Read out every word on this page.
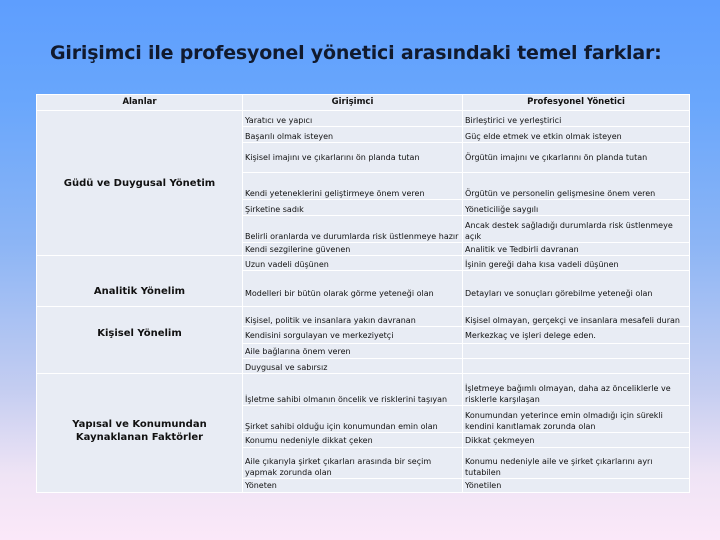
Girişimci ile profesyonel yönetici arasındaki temel farklar:
Alanlar	Girişimci	Profesyonel Yönetici
Güdü ve Duygusal Yönetim	Yaratıcı ve yapıcı	Birleştirici ve yerleştirici
	Başarılı olmak isteyen	Güç elde etmek ve etkin olmak isteyen
	Kişisel imajını ve çıkarlarını ön planda tutan	Örgütün imajını ve çıkarlarını ön planda tutan
	Kendi yeteneklerini geliştirmeye önem veren	Örgütün ve personelin gelişmesine önem veren
	Şirketine sadık	Yöneticiliğe saygılı
	Belirli oranlarda ve durumlarda risk üstlenmeye hazır	Ancak destek sağladığı durumlarda risk üstlenmeye açık
	Kendi sezgilerine güvenen	Analitik ve Tedbirli davranan
Analitik Yönelim	Uzun vadeli düşünen	İşinin gereği daha kısa vadeli düşünen
	Modelleri bir bütün olarak görme yeteneği olan	Detayları ve sonuçları görebilme yeteneği olan
Kişisel Yönelim	Kişisel, politik ve insanlara yakın davranan	Kişisel olmayan, gerçekçi ve insanlara mesafeli duran
	Kendisini sorgulayan ve merkeziyetçi	Merkezkaç ve işleri delege eden.
	Aile bağlarına önem veren	
	Duygusal ve sabırsız	
Yapısal ve Konumundan Kaynaklanan Faktörler	İşletme sahibi olmanın öncelik ve risklerini taşıyan	İşletmeye bağımlı olmayan, daha az önceliklerle ve risklerle karşılaşan
	Şirket sahibi olduğu için konumundan emin olan	Konumundan yeterince emin olmadığı için sürekli kendini kanıtlamak zorunda olan
	Konumu nedeniyle dikkat çeken	Dikkat çekmeyen
	Aile çıkarıyla şirket çıkarları arasında bir seçim yapmak zorunda olan	Konumu nedeniyle aile ve şirket çıkarlarını ayrı tutabilen
	Yöneten	Yönetilen
